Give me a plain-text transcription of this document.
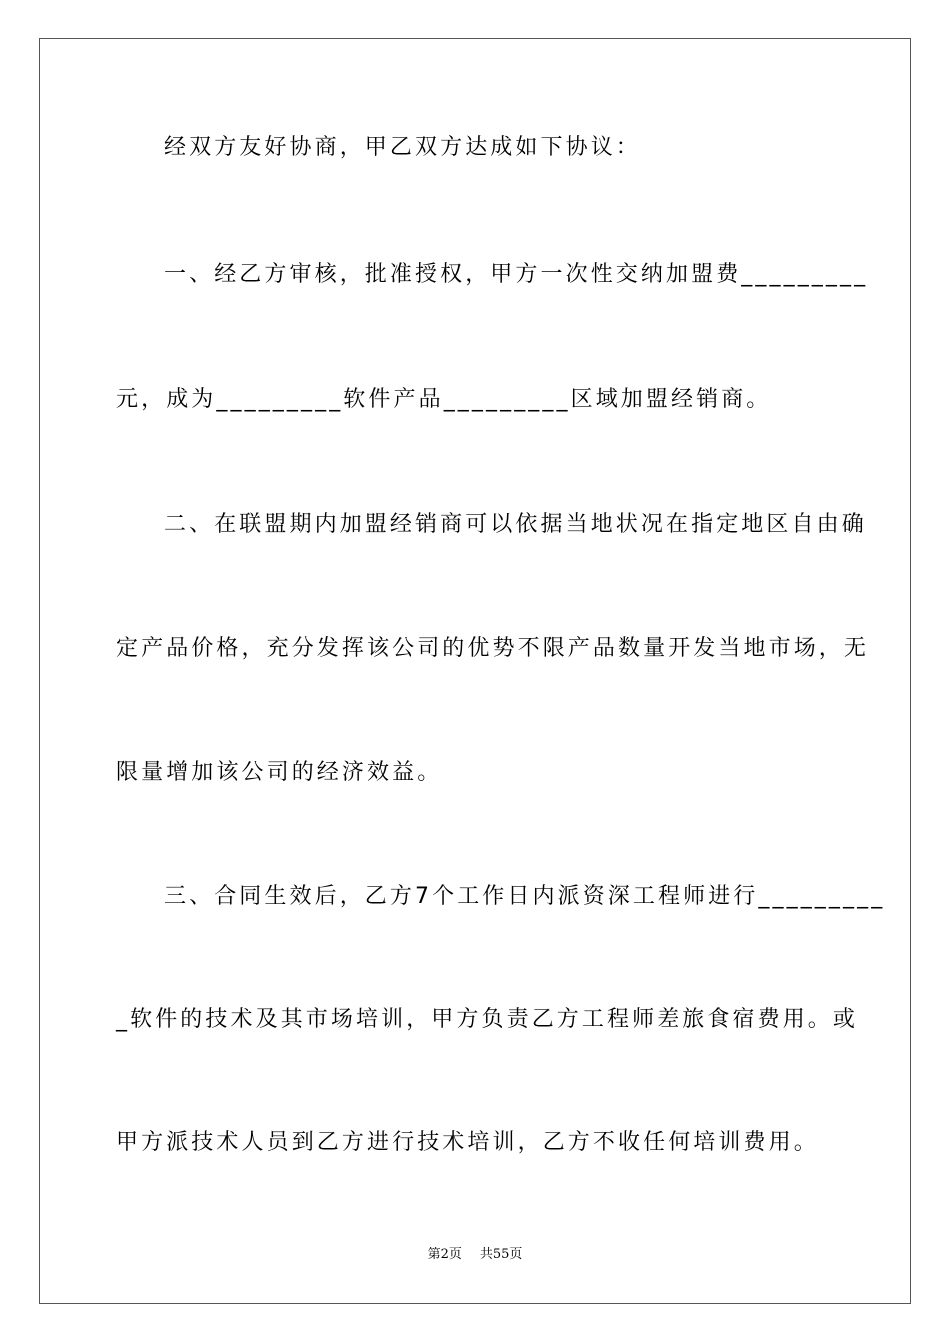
经双方友好协商，甲乙双方达成如下协议：
一、经乙方审核，批准授权，甲方一次性交纳加盟费_________
元，成为_________软件产品_________区域加盟经销商。
二、在联盟期内加盟经销商可以依据当地状况在指定地区自由确
定产品价格，充分发挥该公司的优势不限产品数量开发当地市场，无
限量增加该公司的经济效益。
三、合同生效后，乙方7个工作日内派资深工程师进行_________
_软件的技术及其市场培训，甲方负责乙方工程师差旅食宿费用。或
甲方派技术人员到乙方进行技术培训，乙方不收任何培训费用。
第2页 共55页
